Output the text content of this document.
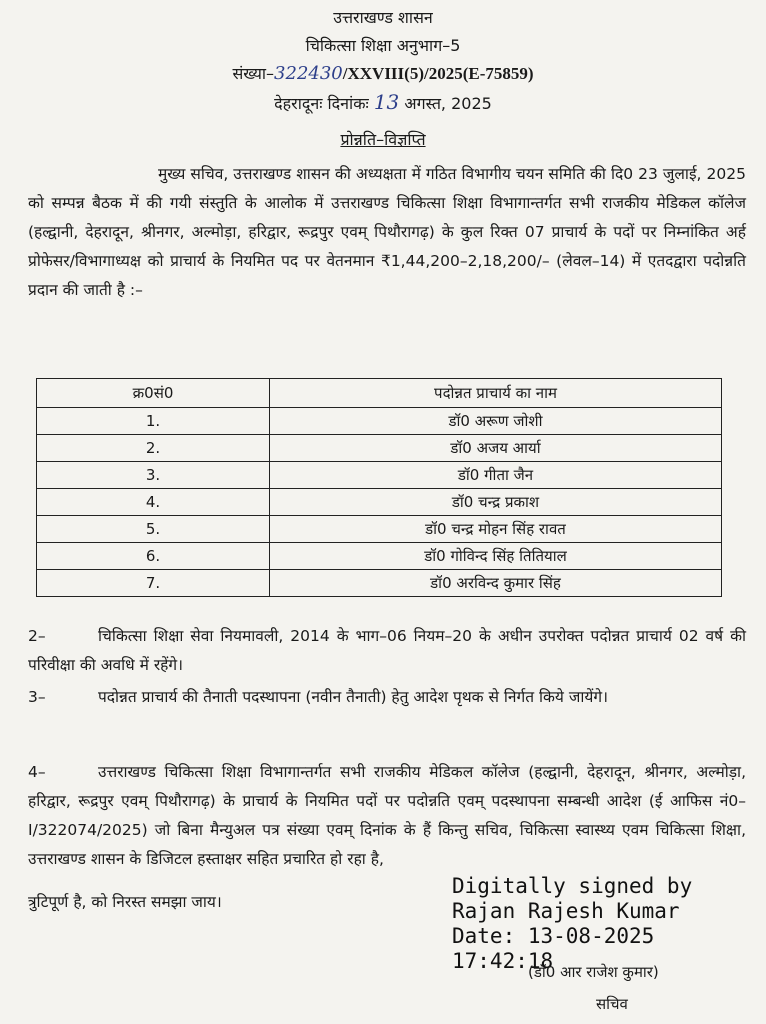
उत्तराखण्ड शासन
चिकित्सा शिक्षा अनुभाग–5
संख्या–322430/XXVIII(5)/2025(E-75859)
देहरादूनः दिनांकः 13 अगस्त, 2025
प्रोन्नति–विज्ञप्ति
मुख्य सचिव, उत्तराखण्ड शासन की अध्यक्षता में गठित विभागीय चयन समिति की दि0 23 जुलाई, 2025 को सम्पन्न बैठक में की गयी संस्तुति के आलोक में उत्तराखण्ड चिकित्सा शिक्षा विभागान्तर्गत सभी राजकीय मेडिकल कॉलेज (हल्द्वानी, देहरादून, श्रीनगर, अल्मोड़ा, हरिद्वार, रूद्रपुर एवम् पिथौरागढ़) के कुल रिक्त 07 प्राचार्य के पदों पर निम्नांकित अर्ह प्रोफेसर/विभागाध्यक्ष को प्राचार्य के नियमित पद पर वेतनमान ₹1,44,200–2,18,200/– (लेवल–14) में एतदद्वारा पदोन्नति प्रदान की जाती है :–
क्र0सं0	पदोन्नत प्राचार्य का नाम
1.	डॉ0 अरूण जोशी
2.	डॉ0 अजय आर्या
3.	डॉ0 गीता जैन
4.	डॉ0 चन्द्र प्रकाश
5.	डॉ0 चन्द्र मोहन सिंह रावत
6.	डॉ0 गोविन्द सिंह तितियाल
7.	डॉ0 अरविन्द कुमार सिंह
2–	चिकित्सा शिक्षा सेवा नियमावली, 2014 के भाग–06 नियम–20 के अधीन उपरोक्त पदोन्नत प्राचार्य 02 वर्ष की परिवीक्षा की अवधि में रहेंगे।
3–	पदोन्नत प्राचार्य की तैनाती पदस्थापना (नवीन तैनाती) हेतु आदेश पृथक से निर्गत किये जायेंगे।
4–	उत्तराखण्ड चिकित्सा शिक्षा विभागान्तर्गत सभी राजकीय मेडिकल कॉलेज (हल्द्वानी, देहरादून, श्रीनगर, अल्मोड़ा, हरिद्वार, रूद्रपुर एवम् पिथौरागढ़) के प्राचार्य के नियमित पदों पर पदोन्नति एवम् पदस्थापना सम्बन्धी आदेश (ई आफिस नं0–I/322074/2025) जो बिना मैन्युअल पत्र संख्या एवम् दिनांक के हैं किन्तु सचिव, चिकित्सा स्वास्थ्य एवम चिकित्सा शिक्षा, उत्तराखण्ड शासन के डिजिटल हस्ताक्षर सहित प्रचारित हो रहा है,
त्रुटिपूर्ण है, को निरस्त समझा जाय।
Digitally signed by
Rajan Rajesh Kumar
Date: 13-08-2025
17:42:18
(डॉ0 आर राजेश कुमार)
सचिव
